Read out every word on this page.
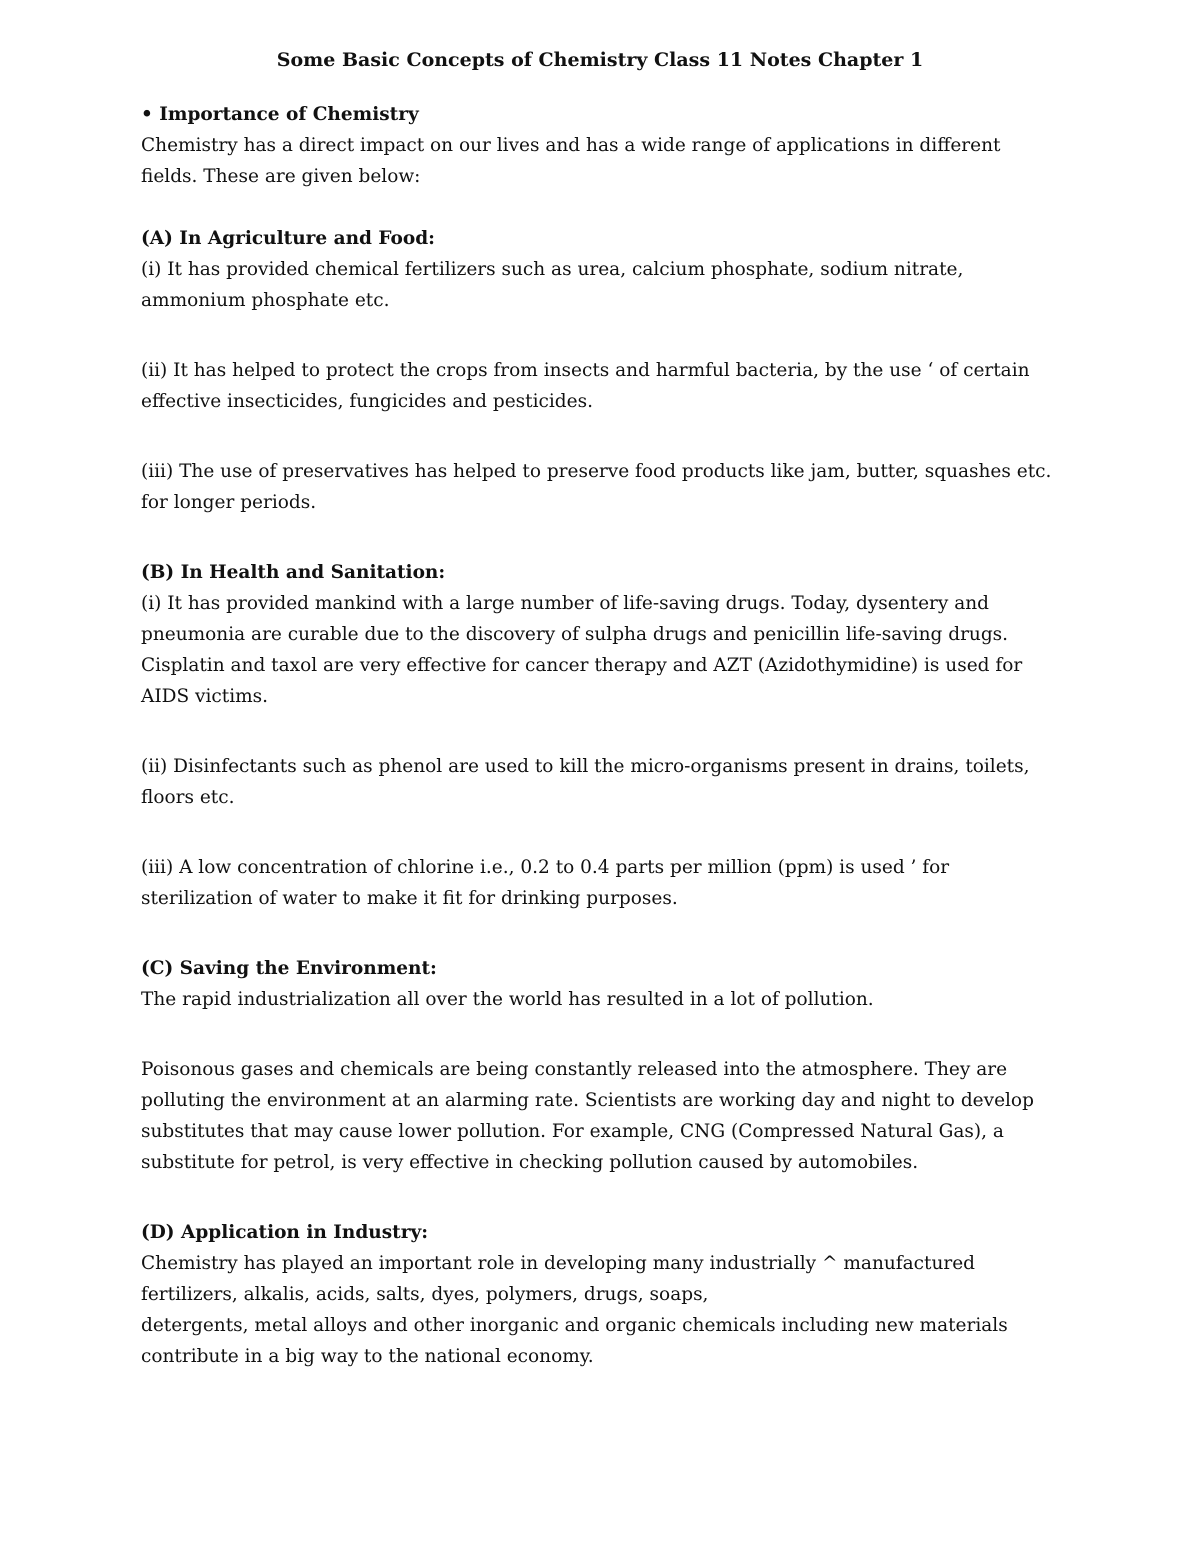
Some Basic Concepts of Chemistry Class 11 Notes Chapter 1
• Importance of Chemistry
Chemistry has a direct impact on our lives and has a wide range of applications in different
fields. These are given below:
(A) In Agriculture and Food:
(i) It has provided chemical fertilizers such as urea, calcium phosphate, sodium nitrate,
ammonium phosphate etc.
(ii) It has helped to protect the crops from insects and harmful bacteria, by the use ‘ of certain
effective insecticides, fungicides and pesticides.
(iii) The use of preservatives has helped to preserve food products like jam, butter, squashes etc.
for longer periods.
(B) In Health and Sanitation:
(i) It has provided mankind with a large number of life-saving drugs. Today, dysentery and
pneumonia are curable due to the discovery of sulpha drugs and penicillin life-saving drugs.
Cisplatin and taxol are very effective for cancer therapy and AZT (Azidothymidine) is used for
AIDS victims.
(ii) Disinfectants such as phenol are used to kill the micro-organisms present in drains, toilets,
floors etc.
(iii) A low concentration of chlorine i.e., 0.2 to 0.4 parts per million (ppm) is used ’ for
sterilization of water to make it fit for drinking purposes.
(C) Saving the Environment:
The rapid industrialization all over the world has resulted in a lot of pollution.
Poisonous gases and chemicals are being constantly released into the atmosphere. They are
polluting the environment at an alarming rate. Scientists are working day and night to develop
substitutes that may cause lower pollution. For example, CNG (Compressed Natural Gas), a
substitute for petrol, is very effective in checking pollution caused by automobiles.
(D) Application in Industry:
Chemistry has played an important role in developing many industrially ^ manufactured
fertilizers, alkalis, acids, salts, dyes, polymers, drugs, soaps,
detergents, metal alloys and other inorganic and organic chemicals including new materials
contribute in a big way to the national economy.
